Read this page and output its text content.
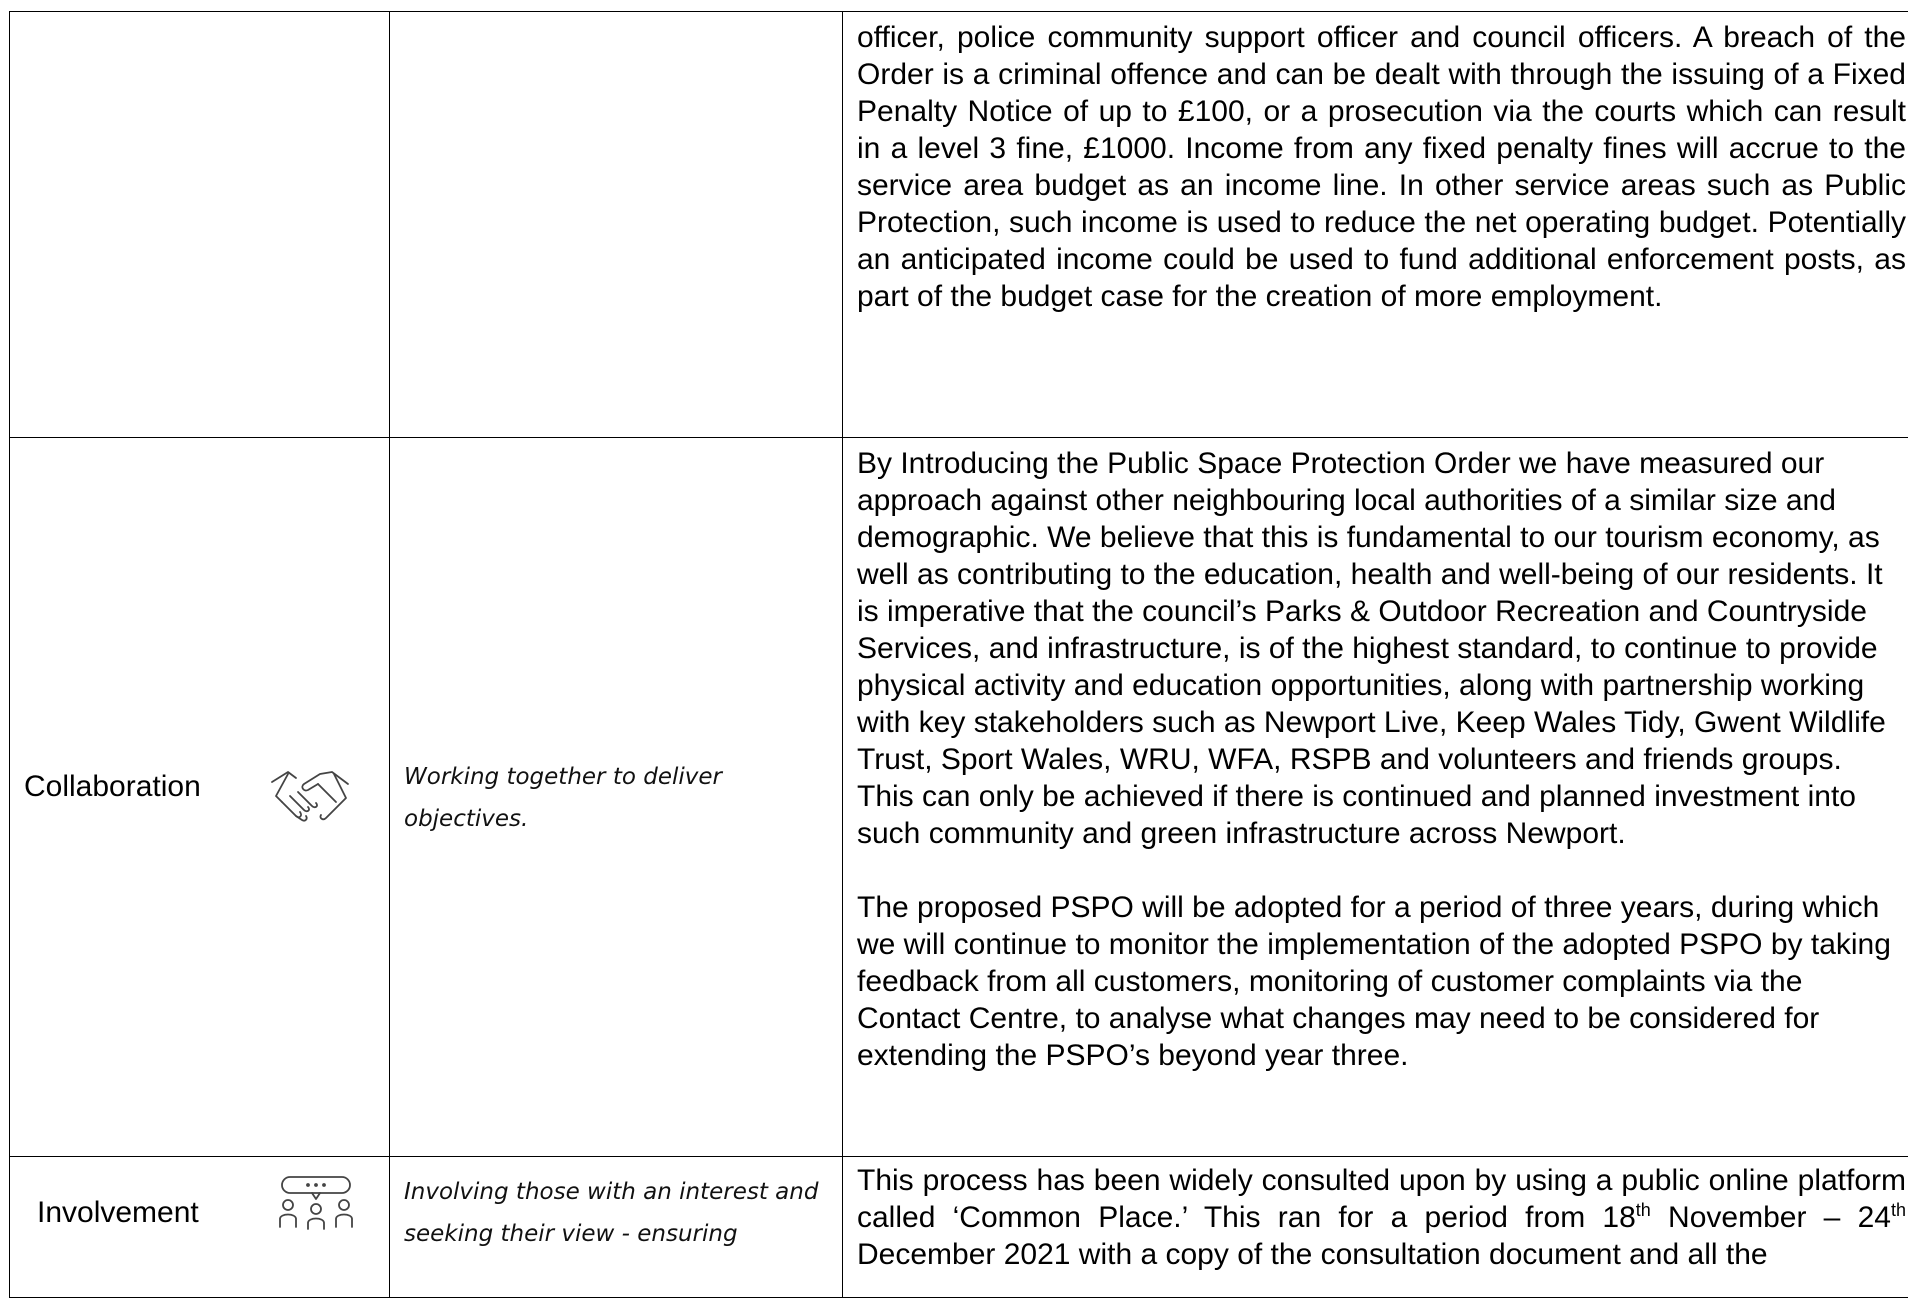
		officer, police community support officer and council officers. A breach of the Order is a criminal offence and can be dealt with through the issuing of a Fixed Penalty Notice of up to £100, or a prosecution via the courts which can result in a level 3 fine, £1000. Income from any fixed penalty fines will accrue to the service area budget as an income line. In other service areas such as Public Protection, such income is used to reduce the net operating budget. Potentially an anticipated income could be used to fund additional enforcement posts, as part of the budget case for the creation of more employment.

Collaboration	Working together to deliver objectives.	By Introducing the Public Space Protection Order we have measured our approach against other neighbouring local authorities of a similar size and demographic. We believe that this is fundamental to our tourism economy, as well as contributing to the education, health and well-being of our residents. It is imperative that the council’s Parks & Outdoor Recreation and Countryside Services, and infrastructure, is of the highest standard, to continue to provide physical activity and education opportunities, along with partnership working with key stakeholders such as Newport Live, Keep Wales Tidy, Gwent Wildlife Trust, Sport Wales, WRU, WFA, RSPB and volunteers and friends groups. This can only be achieved if there is continued and planned investment into such community and green infrastructure across Newport.

The proposed PSPO will be adopted for a period of three years, during which we will continue to monitor the implementation of the adopted PSPO by taking feedback from all customers, monitoring of customer complaints via the Contact Centre, to analyse what changes may need to be considered for extending the PSPO’s beyond year three.

Involvement	Involving those with an interest and seeking their view - ensuring	This process has been widely consulted upon by using a public online platform called ‘Common Place.’ This ran for a period from 18th November – 24th December 2021 with a copy of the consultation document and all the
